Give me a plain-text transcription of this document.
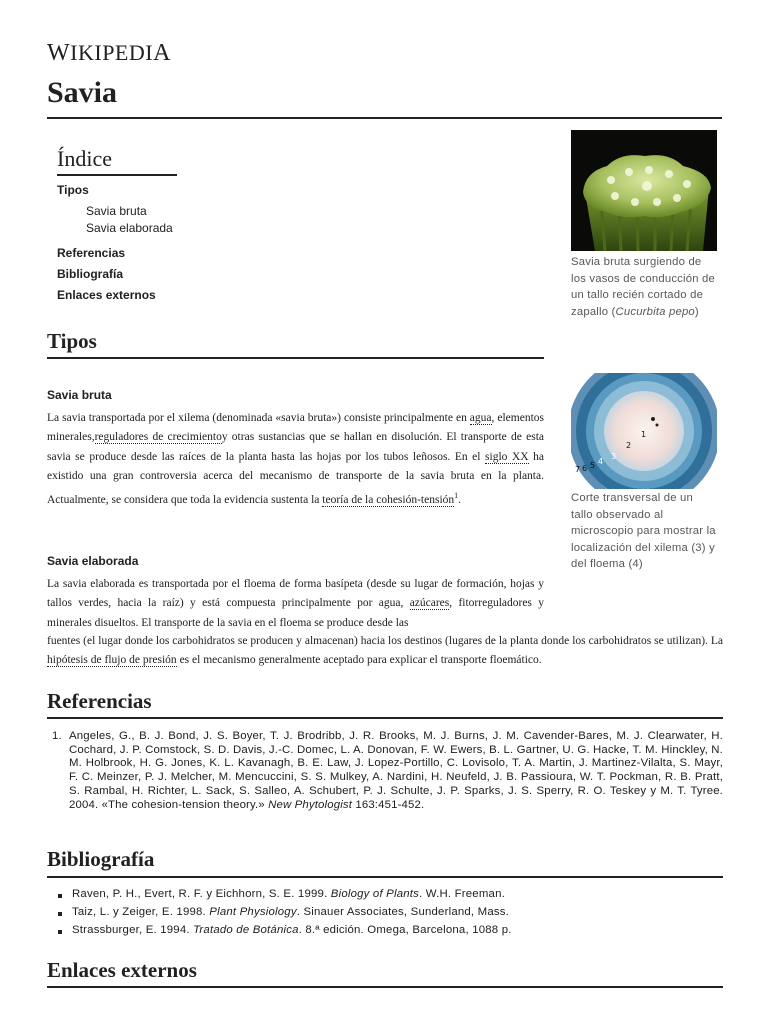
WIKIPEDIA
Savia
Índice
Tipos
Savia bruta
Savia elaborada
Referencias
Bibliografía
Enlaces externos
Savia bruta surgiendo de los vasos de conducción de un tallo recién cortado de zapallo (Cucurbita pepo)
1
2
3
4
5
6
7
Corte transversal de un tallo observado al microscopio para mostrar la localización del xilema (3) y del floema (4)
Tipos
Savia bruta
La savia transportada por el xilema (denominada «savia bruta») consiste principalmente en agua, elementos minerales,reguladores de crecimientoy otras sustancias que se hallan en disolución. El transporte de esta savia se produce desde las raíces de la planta hasta las hojas por los tubos leñosos. En el siglo XX ha existido una gran controversia acerca del mecanismo de transporte de la savia bruta en la planta. Actualmente, se considera que toda la evidencia sustenta la teoría de la cohesión-tensión$^1$.
Savia elaborada
La savia elaborada es transportada por el floema de forma basípeta (desde su lugar de formación, hojas y tallos verdes, hacia la raíz) y está compuesta principalmente por agua, azúcares, fitorreguladores y minerales disueltos. El transporte de la savia en el floema se produce desde las
fuentes (el lugar donde los carbohidratos se producen y almacenan) hacia los destinos (lugares de la planta donde los carbohidratos se utilizan). La hipótesis de flujo de presión es el mecanismo generalmente aceptado para explicar el transporte floemático.
Referencias
1. Angeles, G., B. J. Bond, J. S. Boyer, T. J. Brodribb, J. R. Brooks, M. J. Burns, J. M. Cavender-Bares, M. J. Clearwater, H. Cochard, J. P. Comstock, S. D. Davis, J.-C. Domec, L. A. Donovan, F. W. Ewers, B. L. Gartner, U. G. Hacke, T. M. Hinckley, N. M. Holbrook, H. G. Jones, K. L. Kavanagh, B. E. Law, J. Lopez-Portillo, C. Lovisolo, T. A. Martin, J. Martinez-Vilalta, S. Mayr, F. C. Meinzer, P. J. Melcher, M. Mencuccini, S. S. Mulkey, A. Nardini, H. Neufeld, J. B. Passioura, W. T. Pockman, R. B. Pratt, S. Rambal, H. Richter, L. Sack, S. Salleo, A. Schubert, P. J. Schulte, J. P. Sparks, J. S. Sperry, R. O. Teskey y M. T. Tyree. 2004. «The cohesion-tension theory.» New Phytologist 163:451-452.
Bibliografía
Raven, P. H., Evert, R. F. y Eichhorn, S. E. 1999. Biology of Plants. W.H. Freeman.
Taiz, L. y Zeiger, E. 1998. Plant Physiology. Sinauer Associates, Sunderland, Mass.
Strassburger, E. 1994. Tratado de Botánica. 8.ª edición. Omega, Barcelona, 1088 p.
Enlaces externos
